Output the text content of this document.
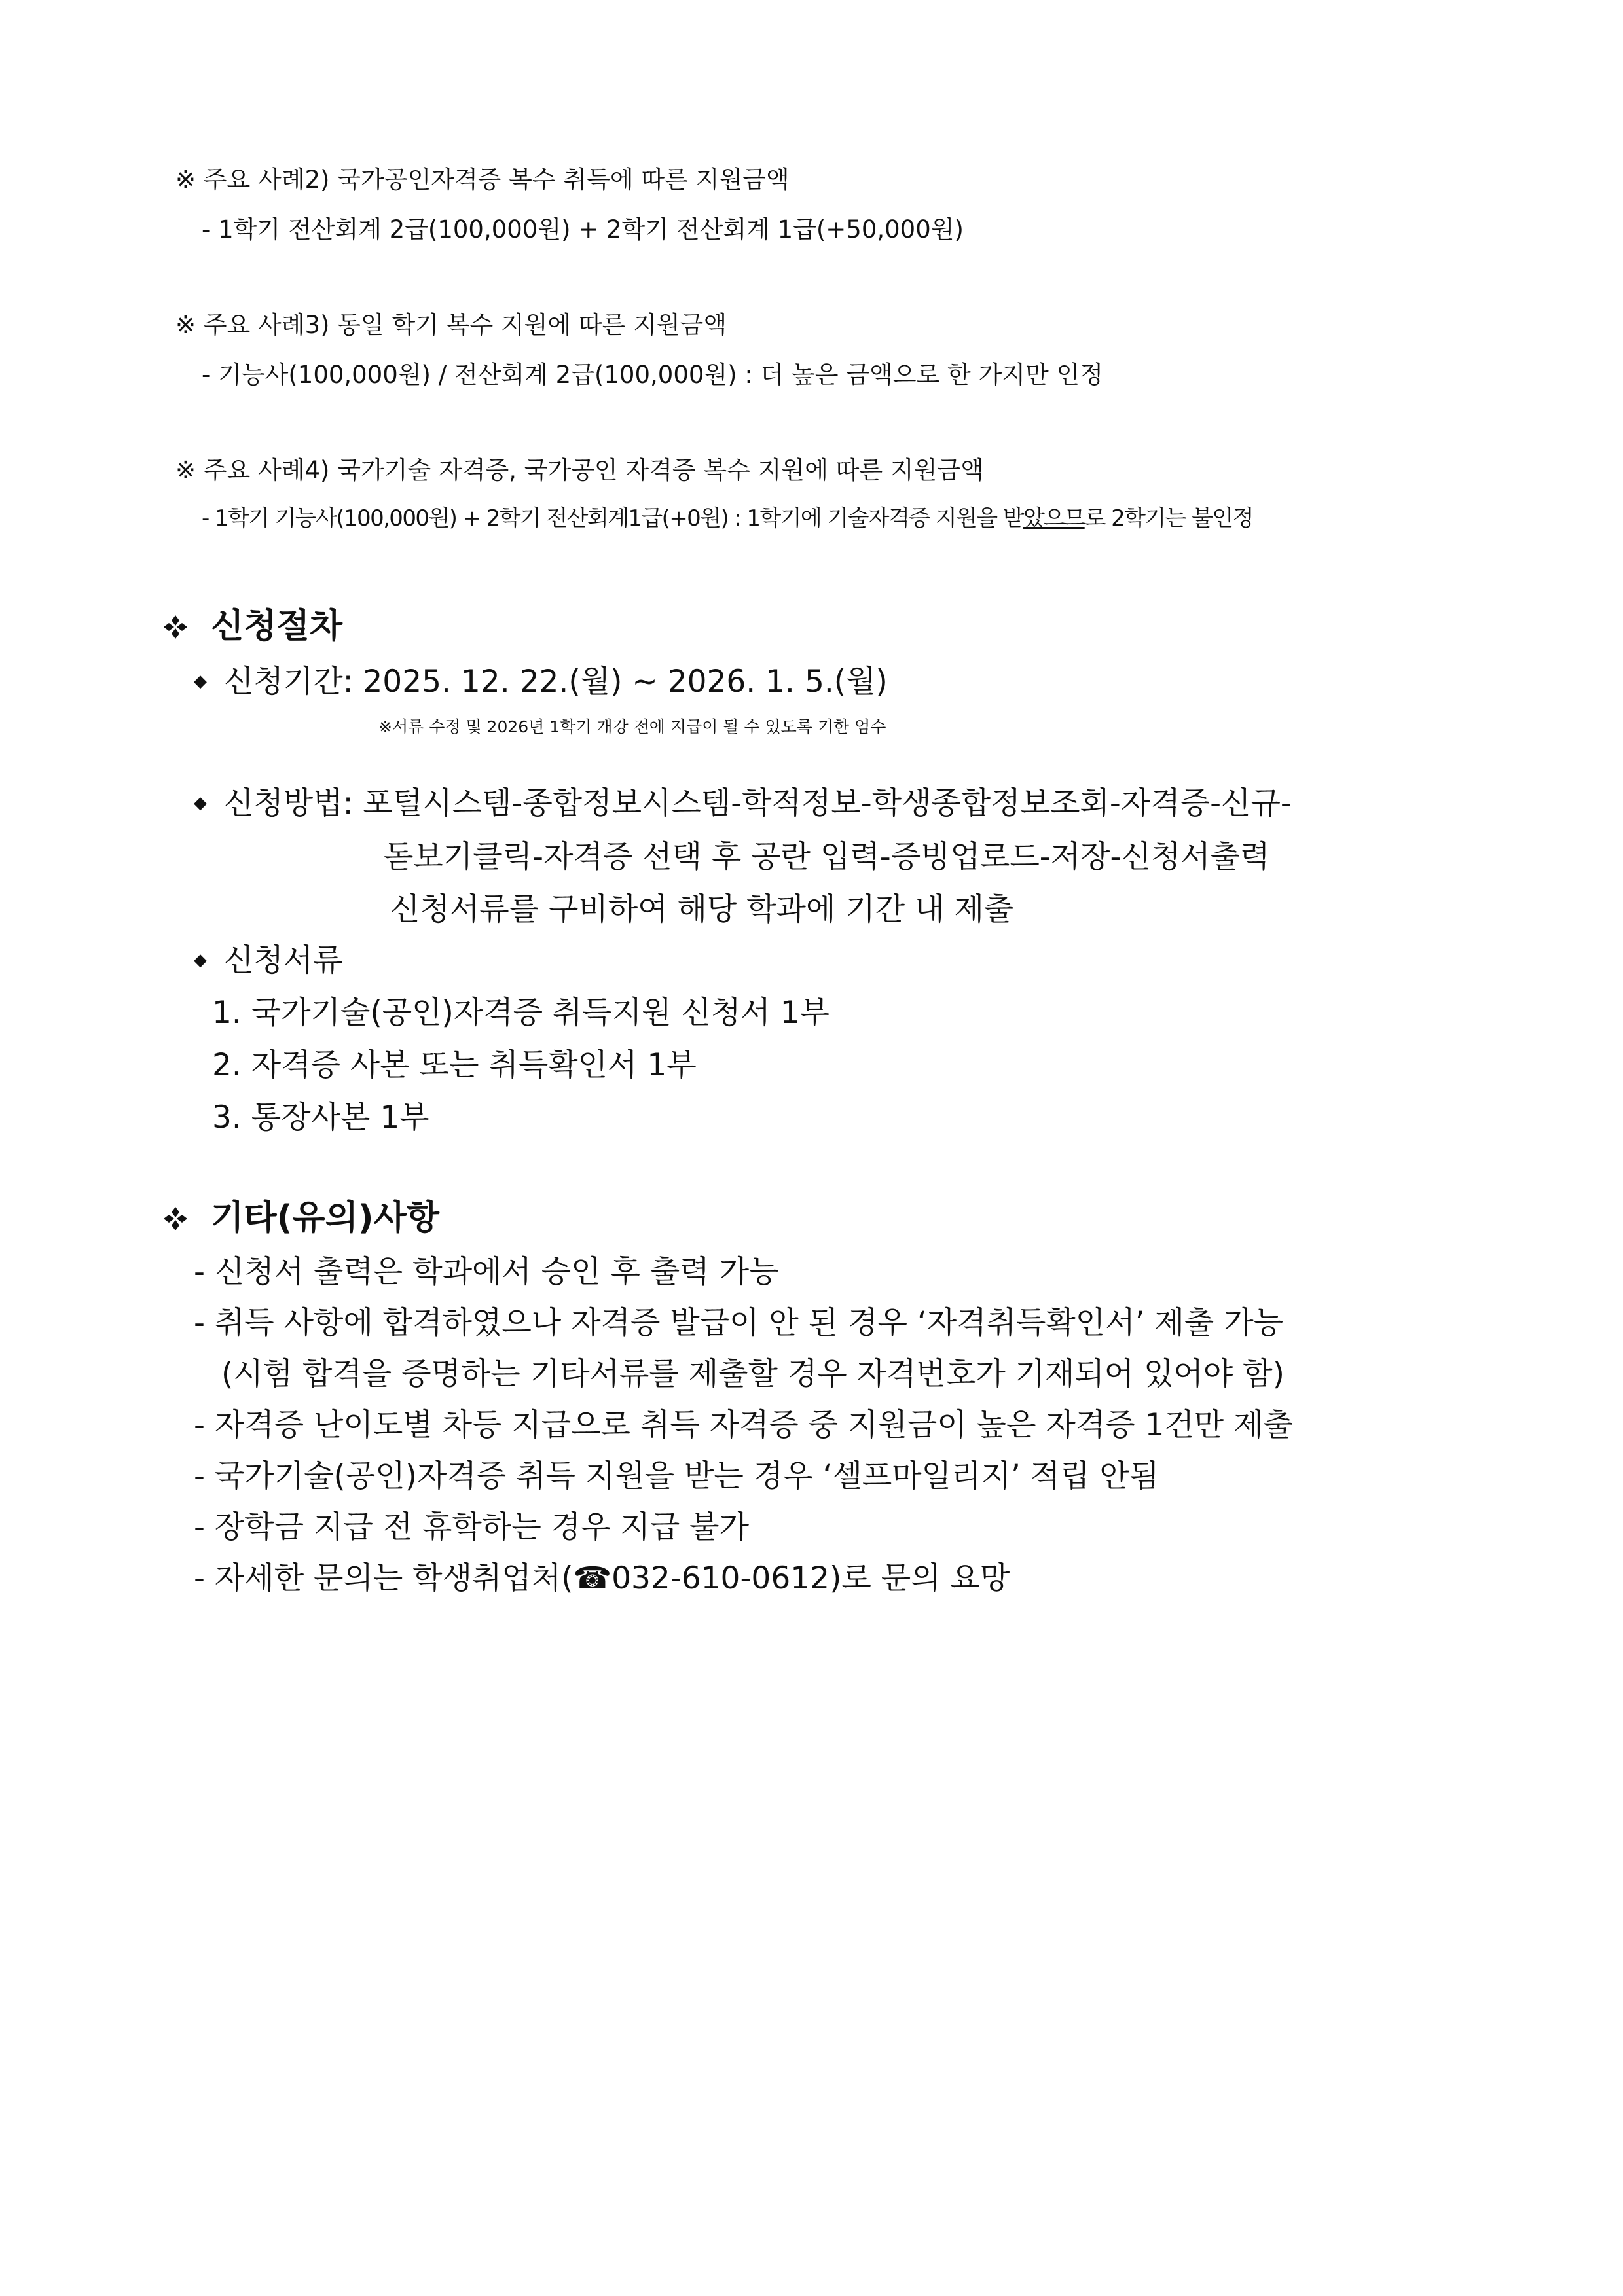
※ 주요 사례2) 국가공인자격증 복수 취득에 따른 지원금액
- 1학기 전산회계 2급(100,000원) + 2학기 전산회계 1급(+50,000원)
※ 주요 사례3) 동일 학기 복수 지원에 따른 지원금액
- 기능사(100,000원) / 전산회계 2급(100,000원) : 더 높은 금액으로 한 가지만 인정
※ 주요 사례4) 국가기술 자격증, 국가공인 자격증 복수 지원에 따른 지원금액
- 1학기 기능사(100,000원) + 2학기 전산회계1급(+0원) : 1학기에 기술자격증 지원을 받았으므로 2학기는 불인정
신청절차
◆ 신청기간: 2025. 12. 22.(월) ~ 2026. 1. 5.(월)
※서류 수정 및 2026년 1학기 개강 전에 지급이 될 수 있도록 기한 엄수
◆ 신청방법: 포털시스템-종합정보시스템-학적정보-학생종합정보조회-자격증-신규-
돋보기클릭-자격증 선택 후 공란 입력-증빙업로드-저장-신청서출력
신청서류를 구비하여 해당 학과에 기간 내 제출
◆ 신청서류
1. 국가기술(공인)자격증 취득지원 신청서 1부
2. 자격증 사본 또는 취득확인서 1부
3. 통장사본 1부
기타(유의)사항
- 신청서 출력은 학과에서 승인 후 출력 가능
- 취득 사항에 합격하였으나 자격증 발급이 안 된 경우 ‘자격취득확인서’ 제출 가능
(시험 합격을 증명하는 기타서류를 제출할 경우 자격번호가 기재되어 있어야 함)
- 자격증 난이도별 차등 지급으로 취득 자격증 중 지원금이 높은 자격증 1건만 제출
- 국가기술(공인)자격증 취득 지원을 받는 경우 ‘셀프마일리지’ 적립 안됨
- 장학금 지급 전 휴학하는 경우 지급 불가
- 자세한 문의는 학생취업처(☎032-610-0612)로 문의 요망
